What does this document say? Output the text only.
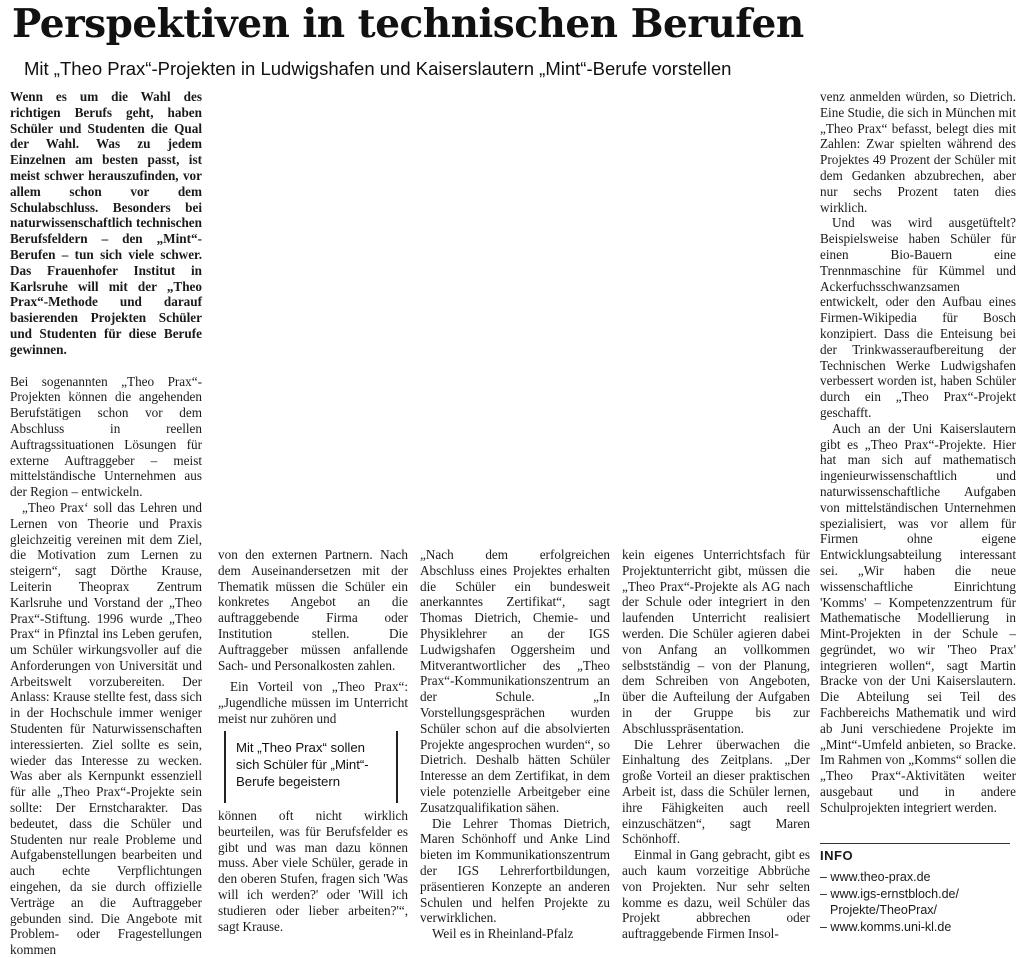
Perspektiven in technischen Berufen
Mit „Theo Prax“-Projekten in Ludwigshafen und Kaiserslautern „Mint“-Berufe vorstellen

Wenn es um die Wahl des richtigen Berufs geht, haben Schüler und Studenten die Qual der Wahl. Was zu jedem Einzelnen am besten passt, ist meist schwer herauszufinden, vor allem schon vor dem Schulabschluss. Besonders bei naturwissenschaftlich technischen Berufsfeldern – den „Mint“-Berufen – tun sich viele schwer. Das Frauenhofer Institut in Karlsruhe will mit der „Theo Prax“-Methode und darauf basierenden Projekten Schüler und Studenten für diese Berufe gewinnen.

Bei sogenannten „Theo Prax“-Projekten können die angehenden Berufstätigen schon vor dem Abschluss in reellen Auftragssituationen Lösungen für externe Auftraggeber – meist mittelständische Unternehmen aus der Region – entwickeln.

„Theo Prax‘ soll das Lehren und Lernen von Theorie und Praxis gleichzeitig vereinen mit dem Ziel, die Motivation zum Lernen zu steigern“, sagt Dörthe Krause, Leiterin Theoprax Zentrum Karlsruhe und Vorstand der „Theo Prax“-Stiftung. 1996 wurde „Theo Prax“ in Pfinztal ins Leben gerufen, um Schüler wirkungsvoller auf die Anforderungen von Universität und Arbeitswelt vorzubereiten. Der Anlass: Krause stellte fest, dass sich in der Hochschule immer weniger Studenten für Naturwissenschaften interessierten. Ziel sollte es sein, wieder das Interesse zu wecken. Was aber als Kernpunkt essenziell für alle „Theo Prax“-Projekte sein sollte: Der Ernstcharakter. Das bedeutet, dass die Schüler und Studenten nur reale Probleme und Aufgabenstellungen bearbeiten und auch echte Verpflichtungen eingehen, da sie durch offizielle Verträge an die Auftraggeber gebunden sind. Die Angebote mit Problem- oder Fragestellungen kommen

von den externen Partnern. Nach dem Auseinandersetzen mit der Thematik müssen die Schüler ein konkretes Angebot an die auftraggebende Firma oder Institution stellen. Die Auftraggeber müssen anfallende Sach- und Personalkosten zahlen.

Ein Vorteil von „Theo Prax“: „Jugendliche müssen im Unterricht meist nur zuhören und

Mit „Theo Prax“ sollen
sich Schüler für „Mint“-
Berufe begeistern

können oft nicht wirklich beurteilen, was für Berufsfelder es gibt und was man dazu können muss. Aber viele Schüler, gerade in den oberen Stufen, fragen sich 'Was will ich werden?' oder 'Will ich studieren oder lieber arbeiten?'“, sagt Krause.

„Nach dem erfolgreichen Abschluss eines Projektes erhalten die Schüler ein bundesweit anerkanntes Zertifikat“, sagt Thomas Dietrich, Chemie- und Physiklehrer an der IGS Ludwigshafen Oggersheim und Mitverantwortlicher des „Theo Prax“-Kommunikationszentrum an der Schule. „In Vorstellungsgesprächen wurden Schüler schon auf die absolvierten Projekte angesprochen wurden“, so Dietrich. Deshalb hätten Schüler Interesse an dem Zertifikat, in dem viele potenzielle Arbeitgeber eine Zusatzqualifikation sähen.

Die Lehrer Thomas Dietrich, Maren Schönhoff und Anke Lind bieten im Kommunikationszentrum der IGS Lehrerfortbildungen, präsentieren Konzepte an anderen Schulen und helfen Projekte zu verwirklichen.

Weil es in Rheinland-Pfalz

kein eigenes Unterrichtsfach für Projektunterricht gibt, müssen die „Theo Prax“-Projekte als AG nach der Schule oder integriert in den laufenden Unterricht realisiert werden. Die Schüler agieren dabei von Anfang an vollkommen selbstständig – von der Planung, dem Schreiben von Angeboten, über die Aufteilung der Aufgaben in der Gruppe bis zur Abschlusspräsentation.

Die Lehrer überwachen die Einhaltung des Zeitplans. „Der große Vorteil an dieser praktischen Arbeit ist, dass die Schüler lernen, ihre Fähigkeiten auch reell einzuschätzen“, sagt Maren Schönhoff.

Einmal in Gang gebracht, gibt es auch kaum vorzeitige Abbrüche von Projekten. Nur sehr selten komme es dazu, weil Schüler das Projekt abbrechen oder auftraggebende Firmen Insol-

venz anmelden würden, so Dietrich. Eine Studie, die sich in München mit „Theo Prax“ befasst, belegt dies mit Zahlen: Zwar spielten während des Projektes 49 Prozent der Schüler mit dem Gedanken abzubrechen, aber nur sechs Prozent taten dies wirklich.

Und was wird ausgetüftelt? Beispielsweise haben Schüler für einen Bio-Bauern eine Trennmaschine für Kümmel und Ackerfuchsschwanzsamen entwickelt, oder den Aufbau eines Firmen-Wikipedia für Bosch konzipiert. Dass die Enteisung bei der Trinkwasseraufbereitung der Technischen Werke Ludwigshafen verbessert worden ist, haben Schüler durch ein „Theo Prax“-Projekt geschafft.

Auch an der Uni Kaiserslautern gibt es „Theo Prax“-Projekte. Hier hat man sich auf mathematisch ingenieurwissenschaftlich und naturwissenschaftliche Aufgaben von mittelständischen Unternehmen spezialisiert, was vor allem für Firmen ohne eigene Entwicklungsabteilung interessant sei. „Wir haben die neue wissenschaftliche Einrichtung 'Komms' – Kompetenzzentrum für Mathematische Modellierung in Mint-Projekten in der Schule – gegründet, wo wir 'Theo Prax' integrieren wollen“, sagt Martin Bracke von der Uni Kaiserslautern. Die Abteilung sei Teil des Fachbereichs Mathematik und wird ab Juni verschiedene Projekte im „Mint“-Umfeld anbieten, so Bracke. Im Rahmen von „Komms“ sollen die „Theo Prax“-Aktivitäten weiter ausgebaut und in andere Schulprojekten integriert werden.

INFO
– www.theo-prax.de
– www.igs-ernstbloch.de/
Projekte/TheoPrax/
– www.komms.uni-kl.de
